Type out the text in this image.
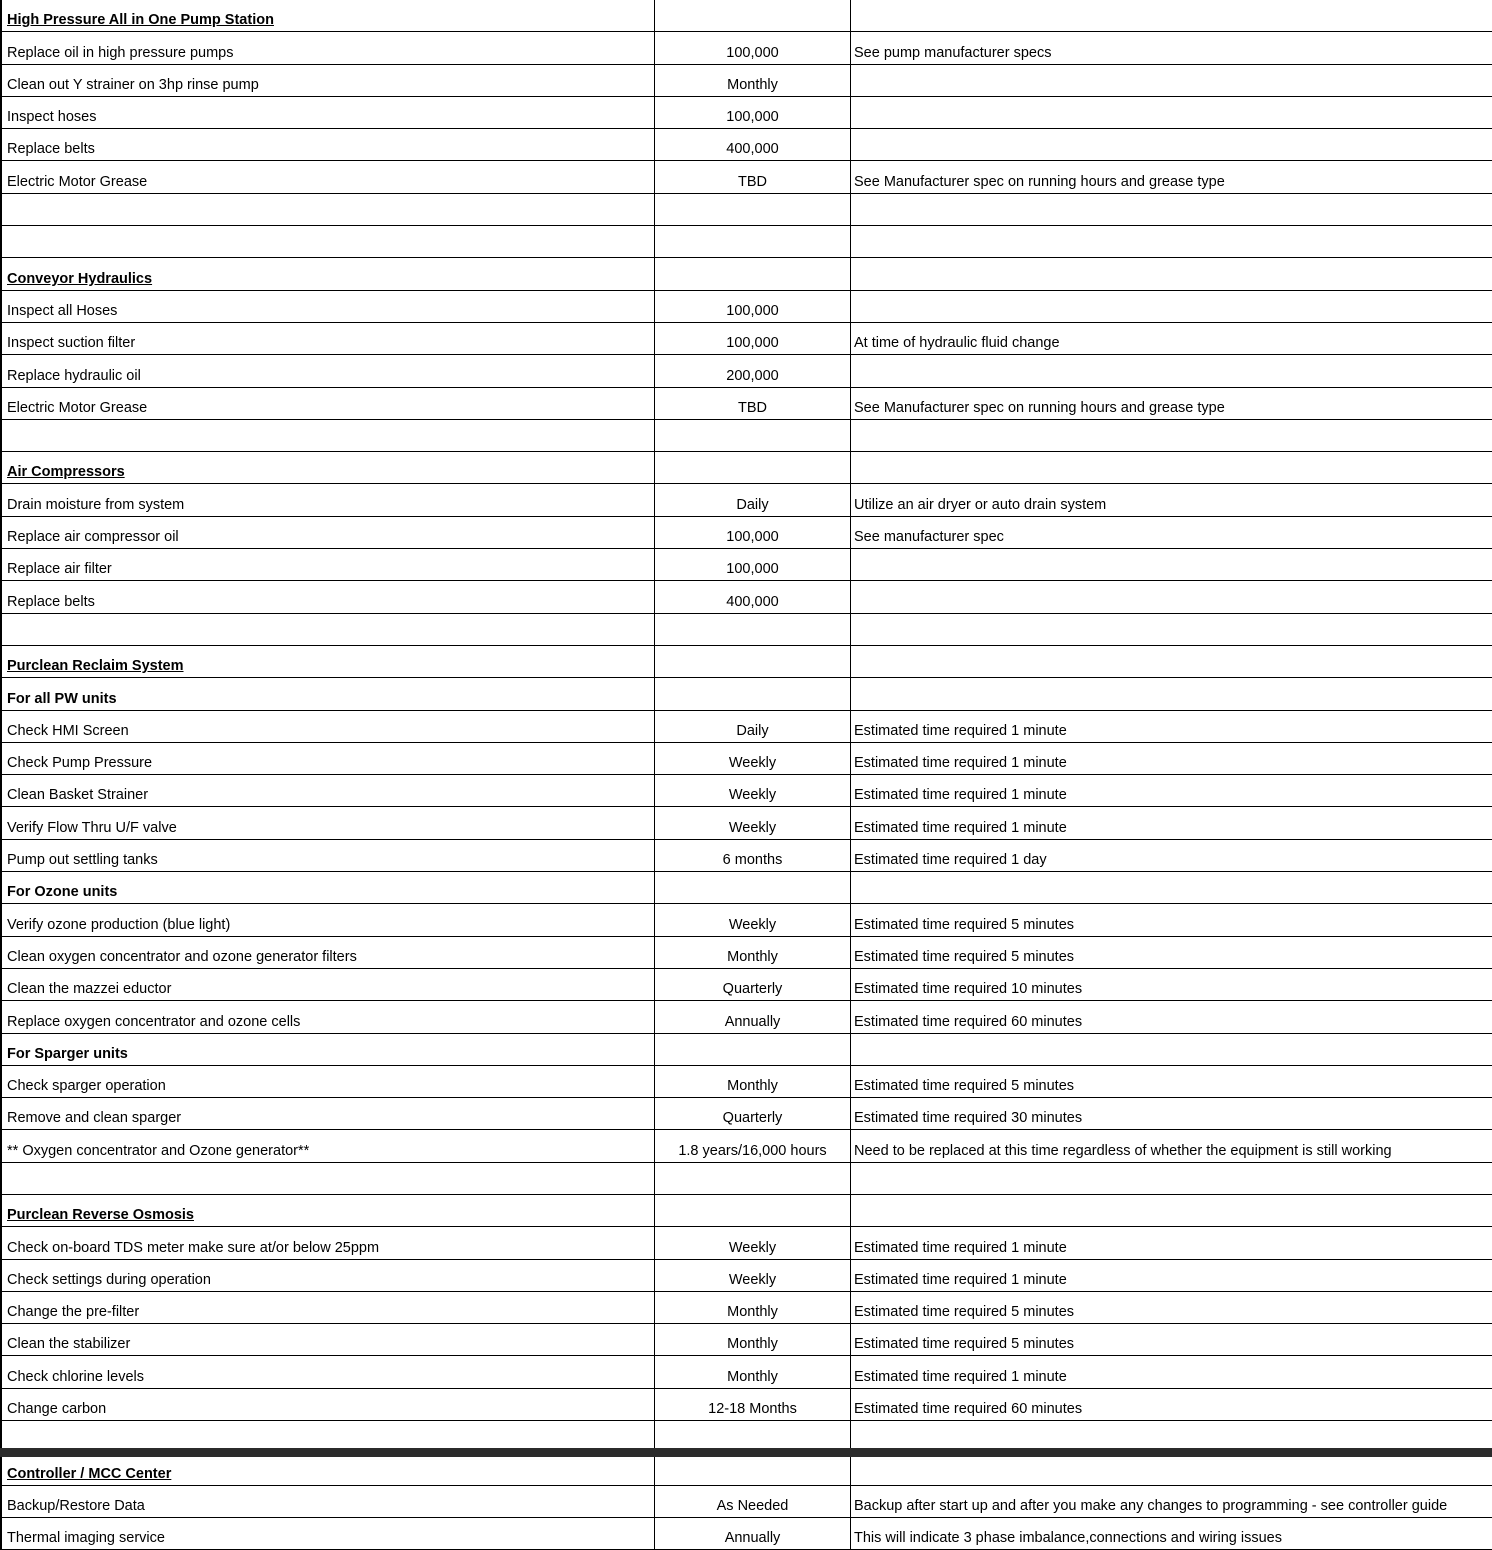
High Pressure All in One Pump Station		
Replace oil in high pressure pumps	100,000	See pump manufacturer specs
Clean out Y strainer on 3hp rinse pump	Monthly	
Inspect hoses	100,000	
Replace belts	400,000	
Electric Motor Grease	TBD	See Manufacturer spec on running hours and grease type

Conveyor Hydraulics		
Inspect all Hoses	100,000	
Inspect suction filter	100,000	At time of hydraulic fluid change
Replace hydraulic oil	200,000	
Electric Motor Grease	TBD	See Manufacturer spec on running hours and grease type

Air Compressors		
Drain moisture from system	Daily	Utilize an air dryer or auto drain system
Replace air compressor oil	100,000	See manufacturer spec
Replace air filter	100,000	
Replace belts	400,000	

Purclean Reclaim System		
For all PW units		
Check HMI Screen	Daily	Estimated time required 1 minute
Check Pump Pressure	Weekly	Estimated time required 1 minute
Clean Basket Strainer	Weekly	Estimated time required 1 minute
Verify Flow Thru U/F valve	Weekly	Estimated time required 1 minute
Pump out settling tanks	6 months	Estimated time required 1 day
For Ozone units		
Verify ozone production (blue light)	Weekly	Estimated time required 5 minutes
Clean oxygen concentrator and ozone generator filters	Monthly	Estimated time required 5 minutes
Clean the mazzei eductor	Quarterly	Estimated time required 10 minutes
Replace oxygen concentrator and ozone cells	Annually	Estimated time required 60 minutes
For Sparger units		
Check sparger operation	Monthly	Estimated time required 5 minutes
Remove and clean sparger	Quarterly	Estimated time required 30 minutes
** Oxygen concentrator and Ozone generator**	1.8 years/16,000 hours	Need to be replaced at this time regardless of whether the equipment is still working

Purclean Reverse Osmosis		
Check on-board TDS meter make sure at/or below 25ppm	Weekly	Estimated time required 1 minute
Check settings during operation	Weekly	Estimated time required 1 minute
Change the pre-filter	Monthly	Estimated time required 5 minutes
Clean the stabilizer	Monthly	Estimated time required 5 minutes
Check chlorine levels	Monthly	Estimated time required 1 minute
Change carbon	12-18 Months	Estimated time required 60 minutes

Controller / MCC Center		
Backup/Restore Data	As Needed	Backup after start up and after you make any changes to programming - see controller guide
Thermal imaging service	Annually	This will indicate 3 phase imbalance,connections and wiring issues
